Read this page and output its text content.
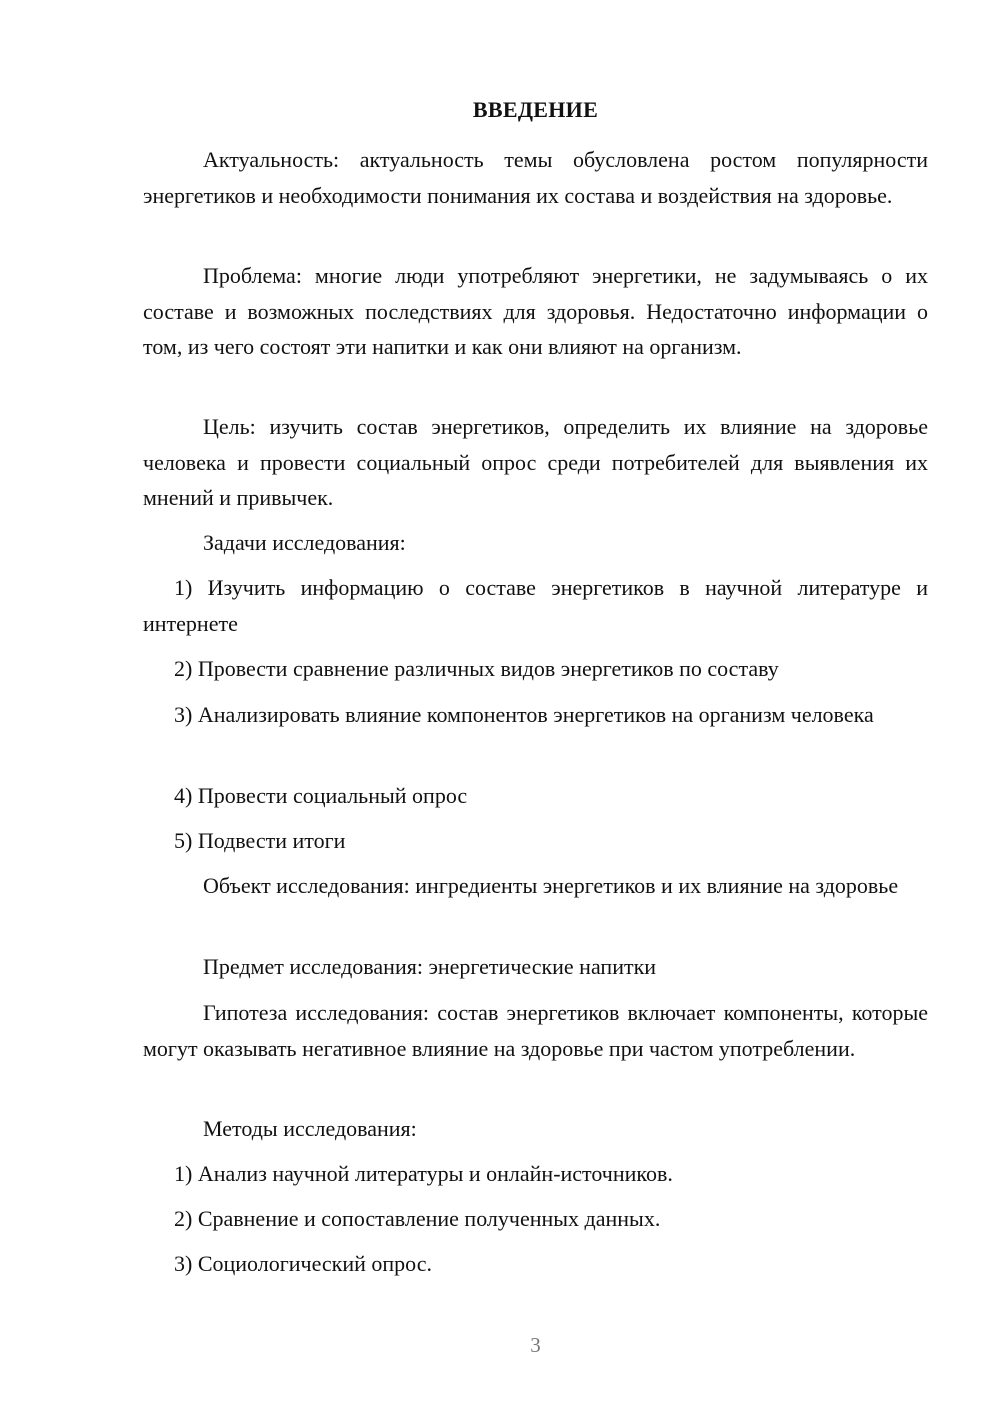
ВВЕДЕНИЕ

Актуальность: актуальность темы обусловлена ростом популярности энергетиков и необходимости понимания их состава и воздействия на здоровье.

Проблема: многие люди употребляют энергетики, не задумываясь о их составе и возможных последствиях для здоровья. Недостаточно информации о том, из чего состоят эти напитки и как они влияют на организм.

Цель: изучить состав энергетиков, определить их влияние на здоровье человека и провести социальный опрос среди потребителей для выявления их мнений и привычек.

Задачи исследования:

1) Изучить информацию о составе энергетиков в научной литературе и интернете

2) Провести сравнение различных видов энергетиков по составу

3) Анализировать влияние компонентов энергетиков на организм человека

4) Провести социальный опрос

5) Подвести итоги

Объект исследования: ингредиенты энергетиков и их влияние на здоровье

Предмет исследования: энергетические напитки

Гипотеза исследования: состав энергетиков включает компоненты, которые могут оказывать негативное влияние на здоровье при частом употреблении.

Методы исследования:

1) Анализ научной литературы и онлайн-источников.

2) Сравнение и сопоставление полученных данных.

3) Социологический опрос.

3
